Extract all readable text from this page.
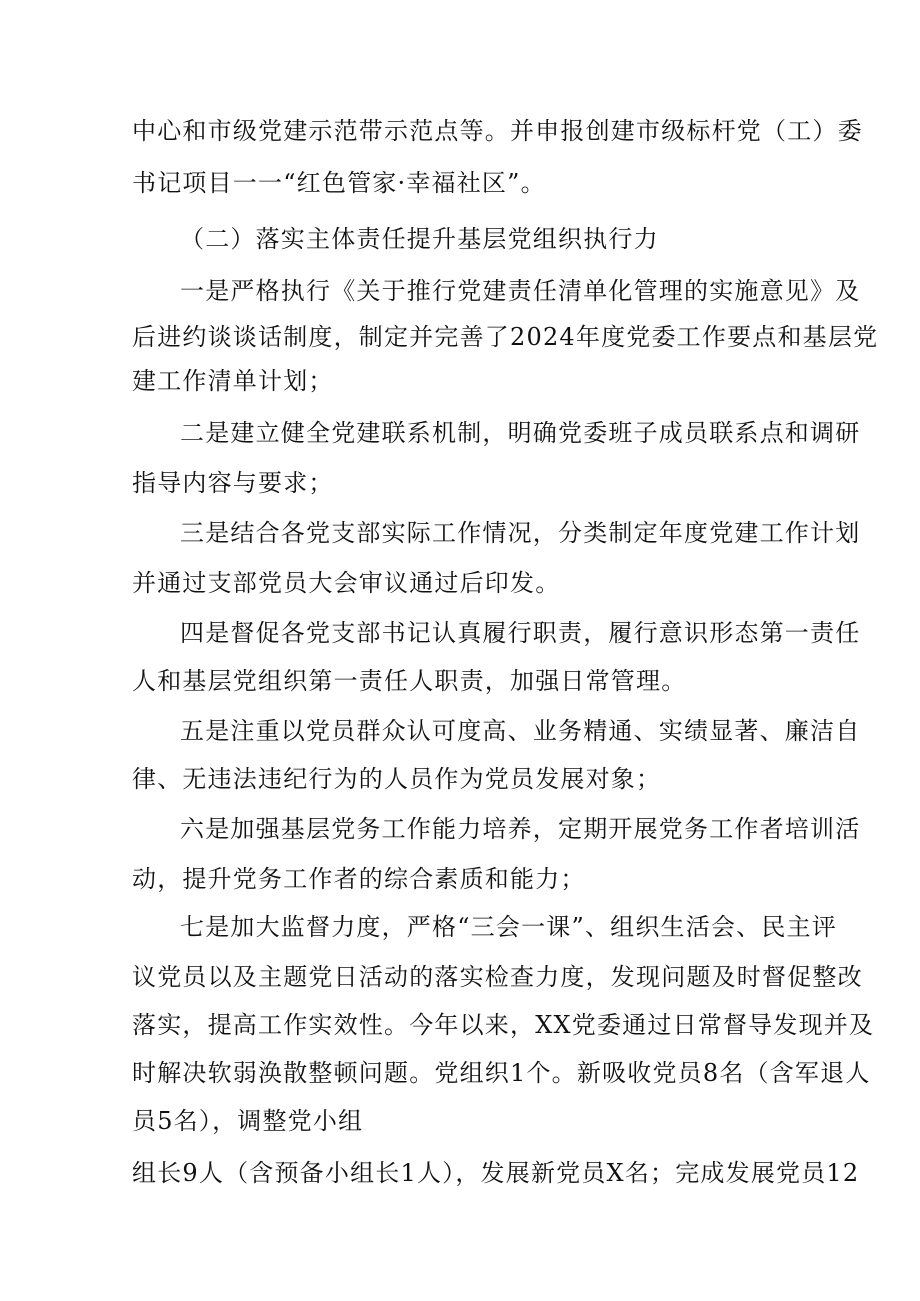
中心和市级党建示范带示范点等。并申报创建市级标杆党（工）委
书记项目一一“红色管家·幸福社区”。
（二）落实主体责任提升基层党组织执行力
一是严格执行《关于推行党建责任清单化管理的实施意见》及
后进约谈谈话制度，制定并完善了2024年度党委工作要点和基层党
建工作清单计划；
二是建立健全党建联系机制，明确党委班子成员联系点和调研
指导内容与要求；
三是结合各党支部实际工作情况，分类制定年度党建工作计划
并通过支部党员大会审议通过后印发。
四是督促各党支部书记认真履行职责，履行意识形态第一责任
人和基层党组织第一责任人职责，加强日常管理。
五是注重以党员群众认可度高、业务精通、实绩显著、廉洁自
律、无违法违纪行为的人员作为党员发展对象；
六是加强基层党务工作能力培养，定期开展党务工作者培训活
动，提升党务工作者的综合素质和能力；
七是加大监督力度，严格“三会一课”、组织生活会、民主评
议党员以及主题党日活动的落实检查力度，发现问题及时督促整改
落实，提高工作实效性。今年以来，XX党委通过日常督导发现并及
时解决软弱涣散整顿问题。党组织1个。新吸收党员8名（含军退人
员5名），调整党小组
组长9人（含预备小组长1人），发展新党员X名；完成发展党员12
